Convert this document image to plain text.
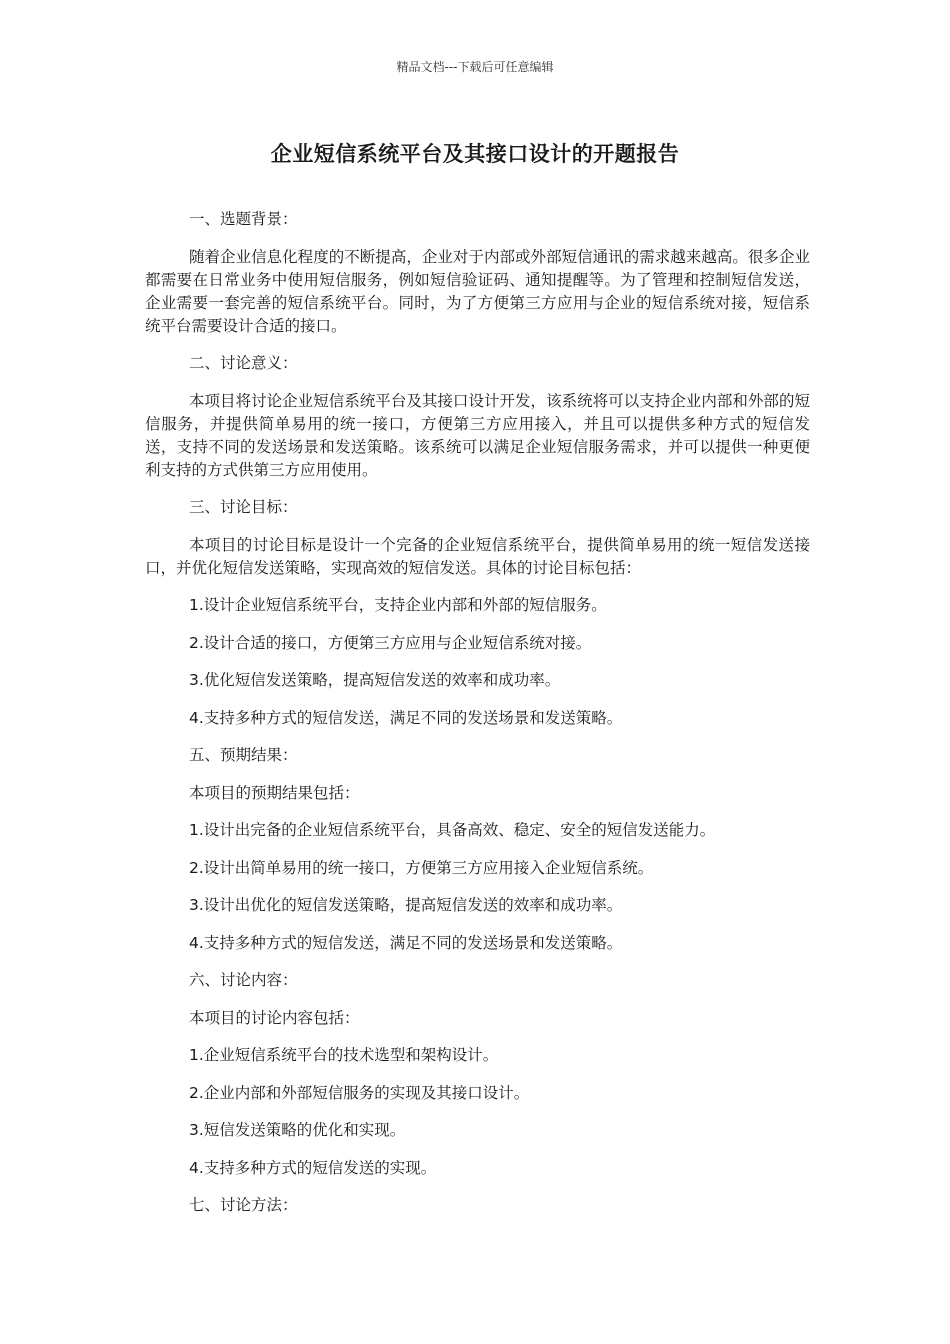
精品文档---下载后可任意编辑
企业短信系统平台及其接口设计的开题报告

一、选题背景：

随着企业信息化程度的不断提高，企业对于内部或外部短信通讯的需求越来越高。很多企业都需要在日常业务中使用短信服务，例如短信验证码、通知提醒等。为了管理和控制短信发送，企业需要一套完善的短信系统平台。同时，为了方便第三方应用与企业的短信系统对接，短信系统平台需要设计合适的接口。

二、讨论意义：

本项目将讨论企业短信系统平台及其接口设计开发，该系统将可以支持企业内部和外部的短信服务，并提供简单易用的统一接口，方便第三方应用接入，并且可以提供多种方式的短信发送，支持不同的发送场景和发送策略。该系统可以满足企业短信服务需求，并可以提供一种更便利支持的方式供第三方应用使用。

三、讨论目标：

本项目的讨论目标是设计一个完备的企业短信系统平台，提供简单易用的统一短信发送接口，并优化短信发送策略，实现高效的短信发送。具体的讨论目标包括：

1.设计企业短信系统平台，支持企业内部和外部的短信服务。

2.设计合适的接口，方便第三方应用与企业短信系统对接。

3.优化短信发送策略，提高短信发送的效率和成功率。

4.支持多种方式的短信发送，满足不同的发送场景和发送策略。

五、预期结果：

本项目的预期结果包括：

1.设计出完备的企业短信系统平台，具备高效、稳定、安全的短信发送能力。

2.设计出简单易用的统一接口，方便第三方应用接入企业短信系统。

3.设计出优化的短信发送策略，提高短信发送的效率和成功率。

4.支持多种方式的短信发送，满足不同的发送场景和发送策略。

六、讨论内容：

本项目的讨论内容包括：

1.企业短信系统平台的技术选型和架构设计。

2.企业内部和外部短信服务的实现及其接口设计。

3.短信发送策略的优化和实现。

4.支持多种方式的短信发送的实现。

七、讨论方法：
